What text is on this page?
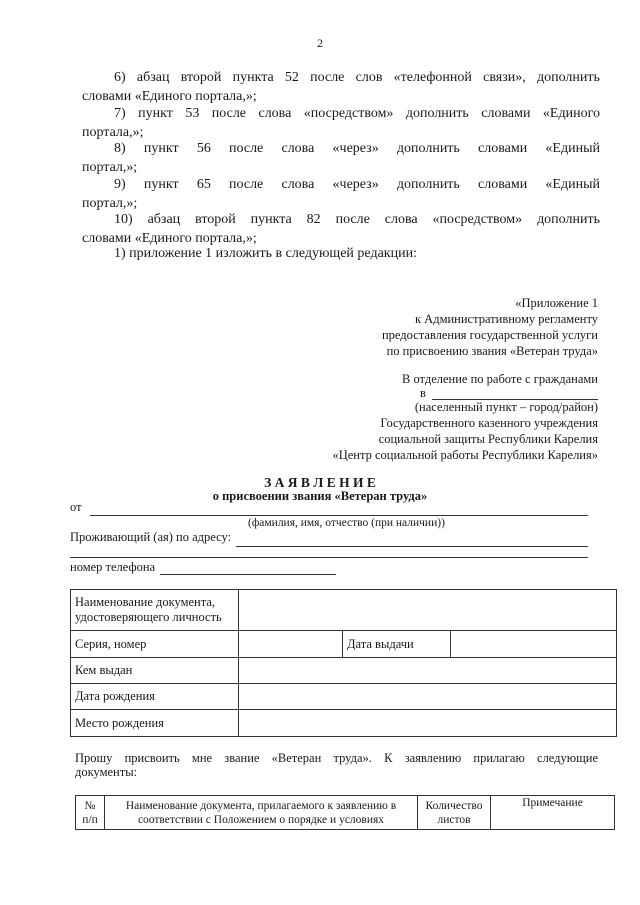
2
6) абзац второй пункта 52 после слов «телефонной связи», дополнить
словами «Единого портала,»;
7) пункт 53 после слова «посредством» дополнить словами «Единого
портала,»;
8) пункт 56 после слова «через» дополнить словами «Единый
портал,»;
9) пункт 65 после слова «через» дополнить словами «Единый
портал,»;
10) абзац второй пункта 82 после слова «посредством» дополнить
словами «Единого портала,»;
1) приложение 1 изложить в следующей редакции:
«Приложение 1
к Административному регламенту
предоставления государственной услуги
по присвоению звания «Ветеран труда»
В отделение по работе с гражданами
в
(населенный пункт – город/район)
Государственного казенного учреждения
социальной защиты Республики Карелия
«Центр социальной работы Республики Карелия»
З А Я В Л Е Н И Е
о присвоении звания «Ветеран труда»
от
(фамилия, имя, отчество (при наличии))
Проживающий (ая) по адресу:
номер телефона
Наименование документа, удостоверяющего личность			
Серия, номер		Дата выдачи	
Кем выдан			
Дата рождения			
Место рождения			
Прошу присвоить мне звание «Ветеран труда». К заявлению прилагаю следующие
документы:
№ п/п	Наименование документа, прилагаемого к заявлению в соответствии с Положением о порядке и условиях	Количество листов	Примечание
